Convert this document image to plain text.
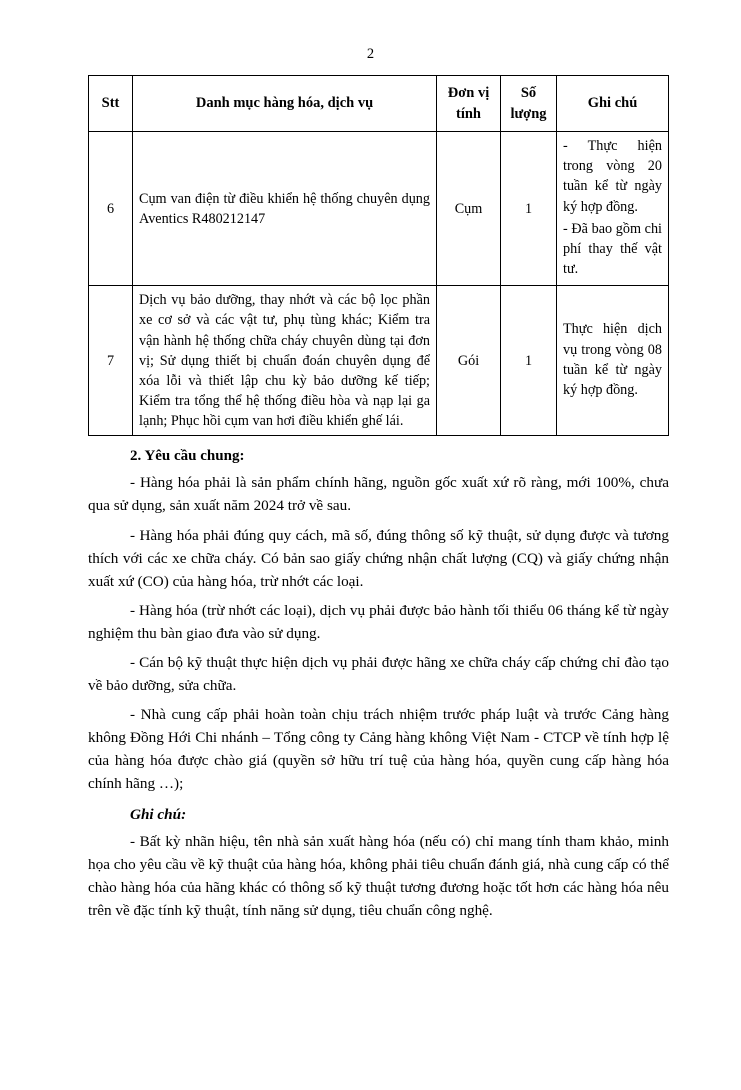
2
Stt	Danh mục hàng hóa, dịch vụ	Đơn vị tính	Số lượng	Ghi chú
6	Cụm van điện từ điều khiển hệ thống chuyên dụng Aventics R480212147	Cụm	1	- Thực hiện trong vòng 20 tuần kể từ ngày ký hợp đồng.
- Đã bao gồm chi phí thay thế vật tư.

7	Dịch vụ bảo dưỡng, thay nhớt và các bộ lọc phần xe cơ sở và các vật tư, phụ tùng khác; Kiểm tra vận hành hệ thống chữa cháy chuyên dùng tại đơn vị; Sử dụng thiết bị chuẩn đoán chuyên dụng để xóa lỗi và thiết lập chu kỳ bảo dưỡng kế tiếp; Kiểm tra tổng thể hệ thống điều hòa và nạp lại ga lạnh; Phục hồi cụm van hơi điều khiển ghế lái.	Gói	1	Thực hiện dịch vụ trong vòng 08 tuần kể từ ngày ký hợp đồng.

2. Yêu cầu chung:

- Hàng hóa phải là sản phẩm chính hãng, nguồn gốc xuất xứ rõ ràng, mới 100%, chưa qua sử dụng, sản xuất năm 2024 trở về sau.

- Hàng hóa phải đúng quy cách, mã số, đúng thông số kỹ thuật, sử dụng được và tương thích với các xe chữa cháy. Có bản sao giấy chứng nhận chất lượng (CQ) và giấy chứng nhận xuất xứ (CO) của hàng hóa, trừ nhớt các loại.

- Hàng hóa (trừ nhớt các loại), dịch vụ phải được bảo hành tối thiểu 06 tháng kể từ ngày nghiệm thu bàn giao đưa vào sử dụng.

- Cán bộ kỹ thuật thực hiện dịch vụ phải được hãng xe chữa cháy cấp chứng chỉ đào tạo về bảo dưỡng, sửa chữa.

- Nhà cung cấp phải hoàn toàn chịu trách nhiệm trước pháp luật và trước Cảng hàng không Đồng Hới Chi nhánh – Tổng công ty Cảng hàng không Việt Nam - CTCP về tính hợp lệ của hàng hóa được chào giá (quyền sở hữu trí tuệ của hàng hóa, quyền cung cấp hàng hóa chính hãng …);

Ghi chú:

- Bất kỳ nhãn hiệu, tên nhà sản xuất hàng hóa (nếu có) chỉ mang tính tham khảo, minh họa cho yêu cầu về kỹ thuật của hàng hóa, không phải tiêu chuẩn đánh giá, nhà cung cấp có thể chào hàng hóa của hãng khác có thông số kỹ thuật tương đương hoặc tốt hơn các hàng hóa nêu trên về đặc tính kỹ thuật, tính năng sử dụng, tiêu chuẩn công nghệ.
